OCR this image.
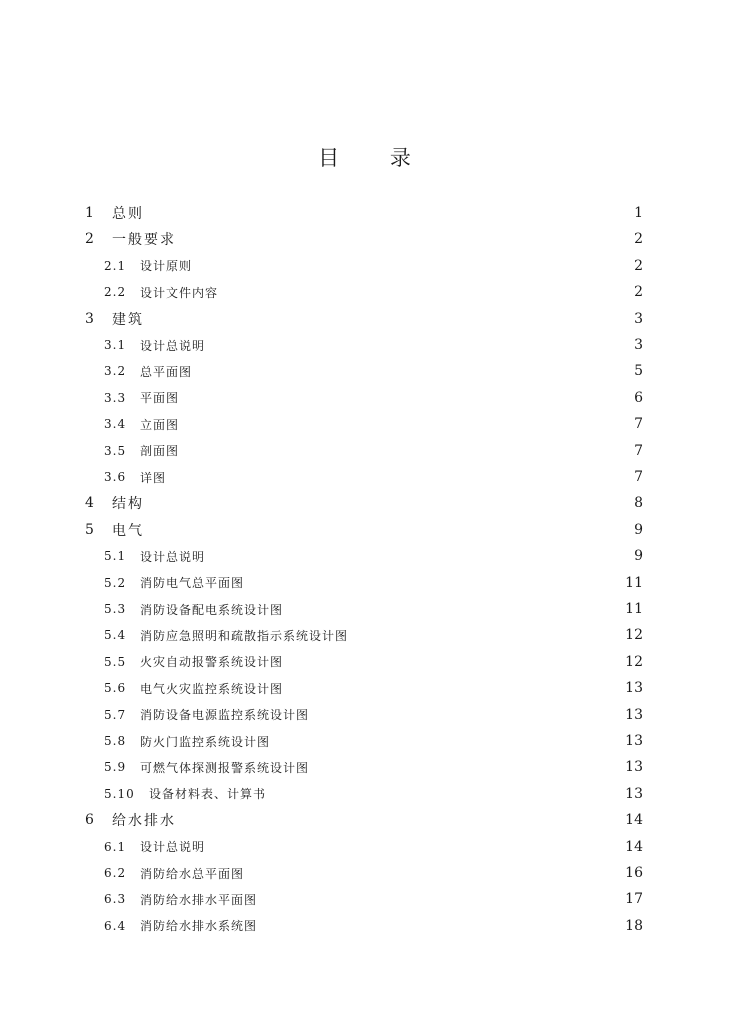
目 录
1	总则	1
2	一般要求	2
2.1	设计原则	2
2.2	设计文件内容	2
3	建筑	3
3.1	设计总说明	3
3.2	总平面图	5
3.3	平面图	6
3.4	立面图	7
3.5	剖面图	7
3.6	详图	7
4	结构	8
5	电气	9
5.1	设计总说明	9
5.2	消防电气总平面图	11
5.3	消防设备配电系统设计图	11
5.4	消防应急照明和疏散指示系统设计图	12
5.5	火灾自动报警系统设计图	12
5.6	电气火灾监控系统设计图	13
5.7	消防设备电源监控系统设计图	13
5.8	防火门监控系统设计图	13
5.9	可燃气体探测报警系统设计图	13
5.10	设备材料表、计算书	13
6	给水排水	14
6.1	设计总说明	14
6.2	消防给水总平面图	16
6.3	消防给水排水平面图	17
6.4	消防给水排水系统图	18
